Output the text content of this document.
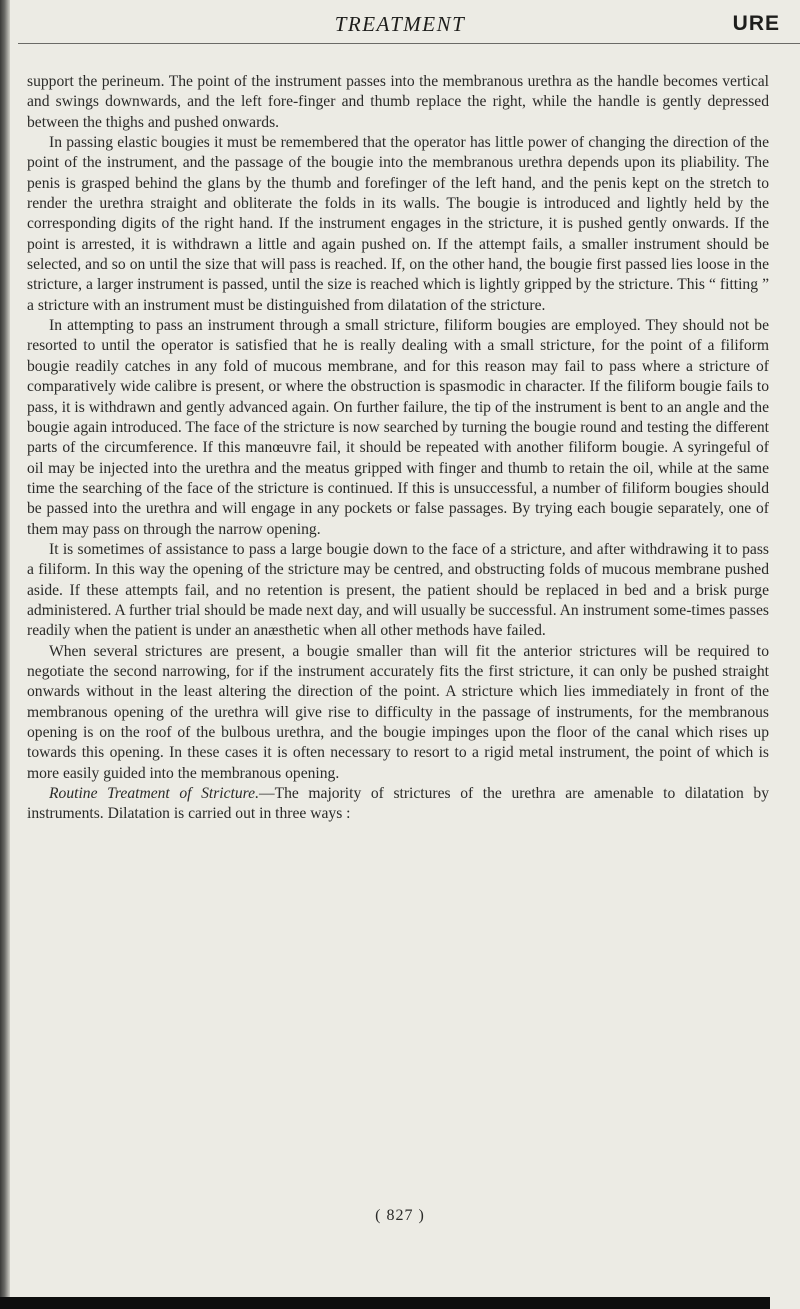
TREATMENT	URE

support the perineum. The point of the instrument passes into the membranous urethra as the handle becomes vertical and swings downwards, and the left fore-finger and thumb replace the right, while the handle is gently depressed between the thighs and pushed onwards.

In passing elastic bougies it must be remembered that the operator has little power of changing the direction of the point of the instrument, and the passage of the bougie into the membranous urethra depends upon its pliability. The penis is grasped behind the glans by the thumb and forefinger of the left hand, and the penis kept on the stretch to render the urethra straight and obliterate the folds in its walls. The bougie is introduced and lightly held by the corresponding digits of the right hand. If the instrument engages in the stricture, it is pushed gently onwards. If the point is arrested, it is withdrawn a little and again pushed on. If the attempt fails, a smaller instrument should be selected, and so on until the size that will pass is reached. If, on the other hand, the bougie first passed lies loose in the stricture, a larger instrument is passed, until the size is reached which is lightly gripped by the stricture. This “ fitting ” a stricture with an instrument must be distinguished from dilatation of the stricture.

In attempting to pass an instrument through a small stricture, filiform bougies are employed. They should not be resorted to until the operator is satisfied that he is really dealing with a small stricture, for the point of a filiform bougie readily catches in any fold of mucous membrane, and for this reason may fail to pass where a stricture of comparatively wide calibre is present, or where the obstruction is spasmodic in character. If the filiform bougie fails to pass, it is withdrawn and gently advanced again. On further failure, the tip of the instrument is bent to an angle and the bougie again introduced. The face of the stricture is now searched by turning the bougie round and testing the different parts of the circumference. If this manœuvre fail, it should be repeated with another filiform bougie. A syringeful of oil may be injected into the urethra and the meatus gripped with finger and thumb to retain the oil, while at the same time the searching of the face of the stricture is continued. If this is unsuccessful, a number of filiform bougies should be passed into the urethra and will engage in any pockets or false passages. By trying each bougie separately, one of them may pass on through the narrow opening.

It is sometimes of assistance to pass a large bougie down to the face of a stricture, and after withdrawing it to pass a filiform. In this way the opening of the stricture may be centred, and obstructing folds of mucous membrane pushed aside. If these attempts fail, and no retention is present, the patient should be replaced in bed and a brisk purge administered. A further trial should be made next day, and will usually be successful. An instrument some-times passes readily when the patient is under an anæsthetic when all other methods have failed.

When several strictures are present, a bougie smaller than will fit the anterior strictures will be required to negotiate the second narrowing, for if the instrument accurately fits the first stricture, it can only be pushed straight onwards without in the least altering the direction of the point. A stricture which lies immediately in front of the membranous opening of the urethra will give rise to difficulty in the passage of instruments, for the membranous opening is on the roof of the bulbous urethra, and the bougie impinges upon the floor of the canal which rises up towards this opening. In these cases it is often necessary to resort to a rigid metal instrument, the point of which is more easily guided into the membranous opening.

Routine Treatment of Stricture.—The majority of strictures of the urethra are amenable to dilatation by instruments. Dilatation is carried out in three ways :

( 827 )
